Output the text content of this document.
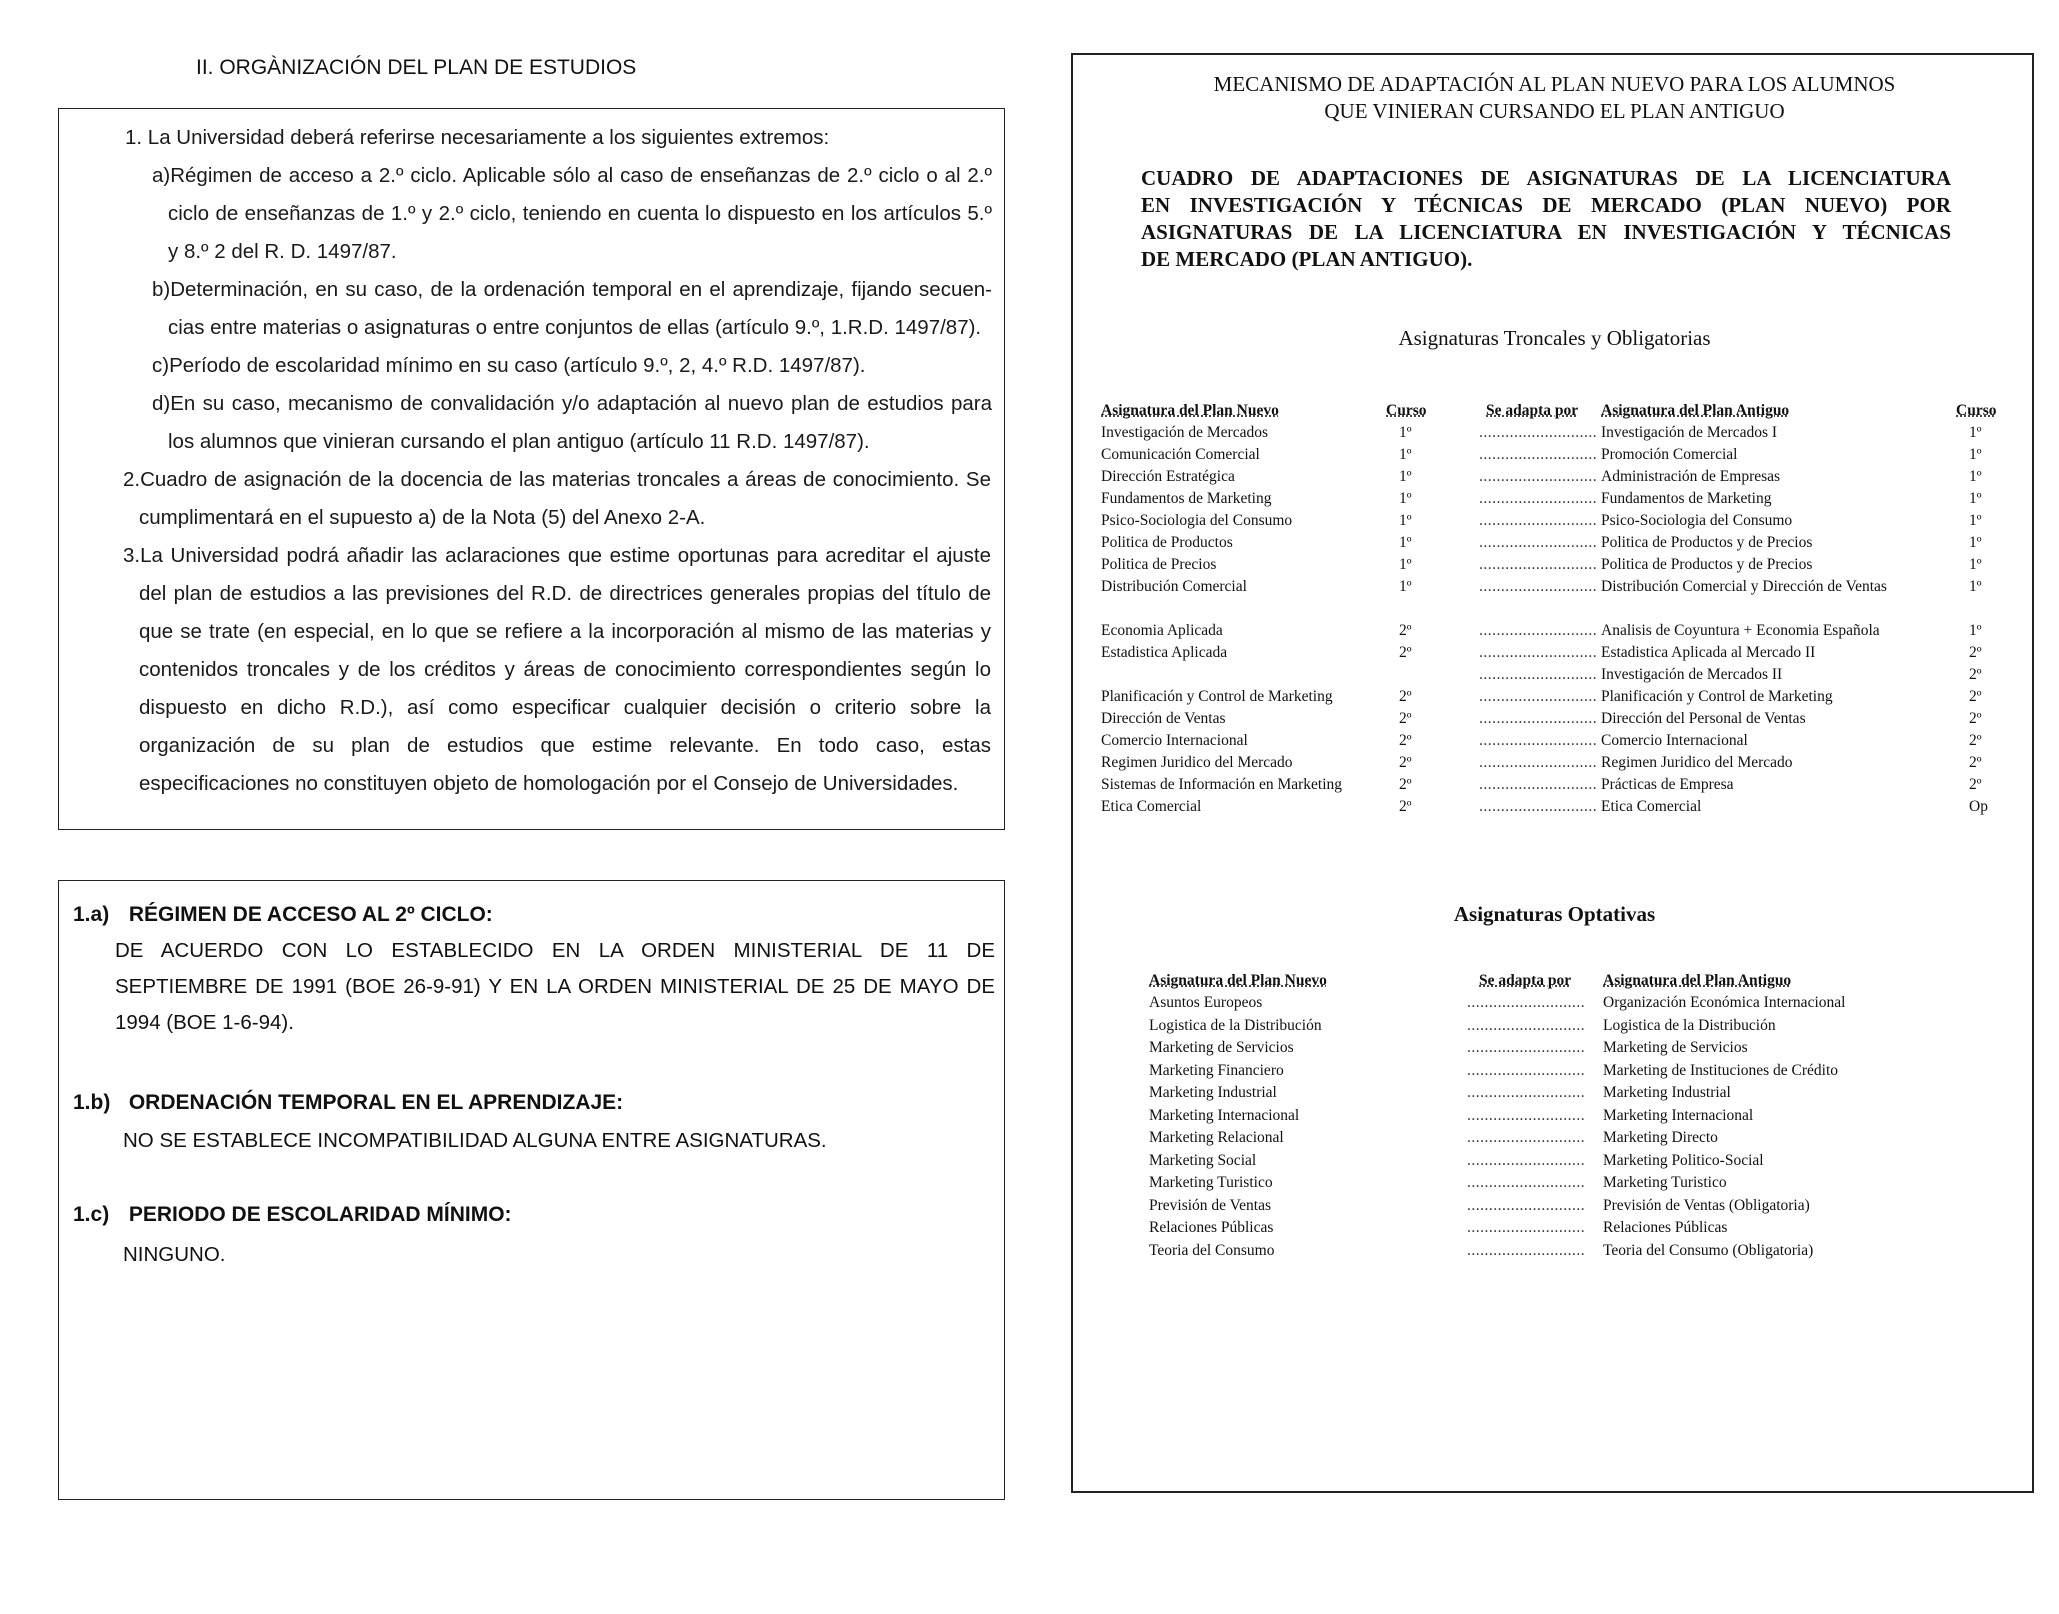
II. ORGÀNIZACIÓN DEL PLAN DE ESTUDIOS

1. La Universidad deberá referirse necesariamente a los siguientes extremos:

a)Régimen de acceso a 2.º ciclo. Aplicable sólo al caso de enseñanzas de 2.º ciclo o al 2.º

ciclo de enseñanzas de 1.º y 2.º ciclo, teniendo en cuenta lo dispuesto en los artículos 5.º

y 8.º 2 del R. D. 1497/87.

b)Determinación, en su caso, de la ordenación temporal en el aprendizaje, fijando secuen-

cias entre materias o asignaturas o entre conjuntos de ellas (artículo 9.º, 1.R.D. 1497/87).

c)Período de escolaridad mínimo en su caso (artículo 9.º, 2, 4.º R.D. 1497/87).

d)En su caso, mecanismo de convalidación y/o adaptación al nuevo plan de estudios para

los alumnos que vinieran cursando el plan antiguo (artículo 11 R.D. 1497/87).

2.Cuadro de asignación de la docencia de las materias troncales a áreas de conocimiento. Se

cumplimentará en el supuesto a) de la Nota (5) del Anexo 2-A.

3.La Universidad podrá añadir las aclaraciones que estime oportunas para acreditar el ajuste

del plan de estudios a las previsiones del R.D. de directrices generales propias del título de

que se trate (en especial, en lo que se refiere a la incorporación al mismo de las materias y

contenidos troncales y de los créditos y áreas de conocimiento correspondientes según lo

dispuesto en dicho R.D.), así como especificar cualquier decisión o criterio sobre la

organización de su plan de estudios que estime relevante. En todo caso, estas

especificaciones no constituyen objeto de homologación por el Consejo de Universidades.

1.a) RÉGIMEN DE ACCESO AL 2º CICLO:
DE ACUERDO CON LO ESTABLECIDO EN LA ORDEN MINISTERIAL DE 11 DE
SEPTIEMBRE DE 1991 (BOE 26-9-91) Y EN LA ORDEN MINISTERIAL DE 25 DE MAYO DE
1994 (BOE 1-6-94).
1.b) ORDENACIÓN TEMPORAL EN EL APRENDIZAJE:
NO SE ESTABLECE INCOMPATIBILIDAD ALGUNA ENTRE ASIGNATURAS.
1.c) PERIODO DE ESCOLARIDAD MÍNIMO:
NINGUNO.
MECANISMO DE ADAPTACIÓN AL PLAN NUEVO PARA LOS ALUMNOS
QUE VINIERAN CURSANDO EL PLAN ANTIGUO
CUADRO DE ADAPTACIONES DE ASIGNATURAS DE LA LICENCIATURA
EN INVESTIGACIÓN Y TÉCNICAS DE MERCADO (PLAN NUEVO) POR
ASIGNATURAS DE LA LICENCIATURA EN INVESTIGACIÓN Y TÉCNICAS
DE MERCADO (PLAN ANTIGUO).
Asignaturas Troncales y Obligatorias
Asignatura del Plan Nuevo	Curso	Se adapta por Asignatura del Plan Antiguo	Curso
Investigación de Mercados	1º	........................... Investigación de Mercados I	1º
Comunicación Comercial	1º	........................... Promoción Comercial	1º
Dirección Estratégica	1º	........................... Administración de Empresas	1º
Fundamentos de Marketing	1º	........................... Fundamentos de Marketing	1º
Psico-Sociologia del Consumo	1º	........................... Psico-Sociologia del Consumo	1º
Politica de Productos	1º	........................... Politica de Productos y de Precios	1º
Politica de Precios	1º	........................... Politica de Productos y de Precios	1º
Distribución Comercial	1º	........................... Distribución Comercial y Dirección de Ventas	1º
Economia Aplicada	2º	........................... Analisis de Coyuntura + Economia Española	1º
Estadistica Aplicada	2º	........................... Estadistica Aplicada al Mercado II	2º
........................... Investigación de Mercados II	2º
Planificación y Control de Marketing	2º	........................... Planificación y Control de Marketing	2º
Dirección de Ventas	2º	........................... Dirección del Personal de Ventas	2º
Comercio Internacional	2º	........................... Comercio Internacional	2º
Regimen Juridico del Mercado	2º	........................... Regimen Juridico del Mercado	2º
Sistemas de Información en Marketing	2º	........................... Prácticas de Empresa	2º
Etica Comercial	2º	........................... Etica Comercial	Op
Asignaturas Optativas
Asignatura del Plan Nuevo	Se adapta por Asignatura del Plan Antiguo
Asuntos Europeos	........................... Organización Económica Internacional
Logistica de la Distribución	........................... Logistica de la Distribución
Marketing de Servicios	........................... Marketing de Servicios
Marketing Financiero	........................... Marketing de Instituciones de Crédito
Marketing Industrial	........................... Marketing Industrial
Marketing Internacional	........................... Marketing Internacional
Marketing Relacional	........................... Marketing Directo
Marketing Social	........................... Marketing Politico-Social
Marketing Turistico	........................... Marketing Turistico
Previsión de Ventas	........................... Previsión de Ventas (Obligatoria)
Relaciones Públicas	........................... Relaciones Públicas
Teoria del Consumo	........................... Teoria del Consumo (Obligatoria)
